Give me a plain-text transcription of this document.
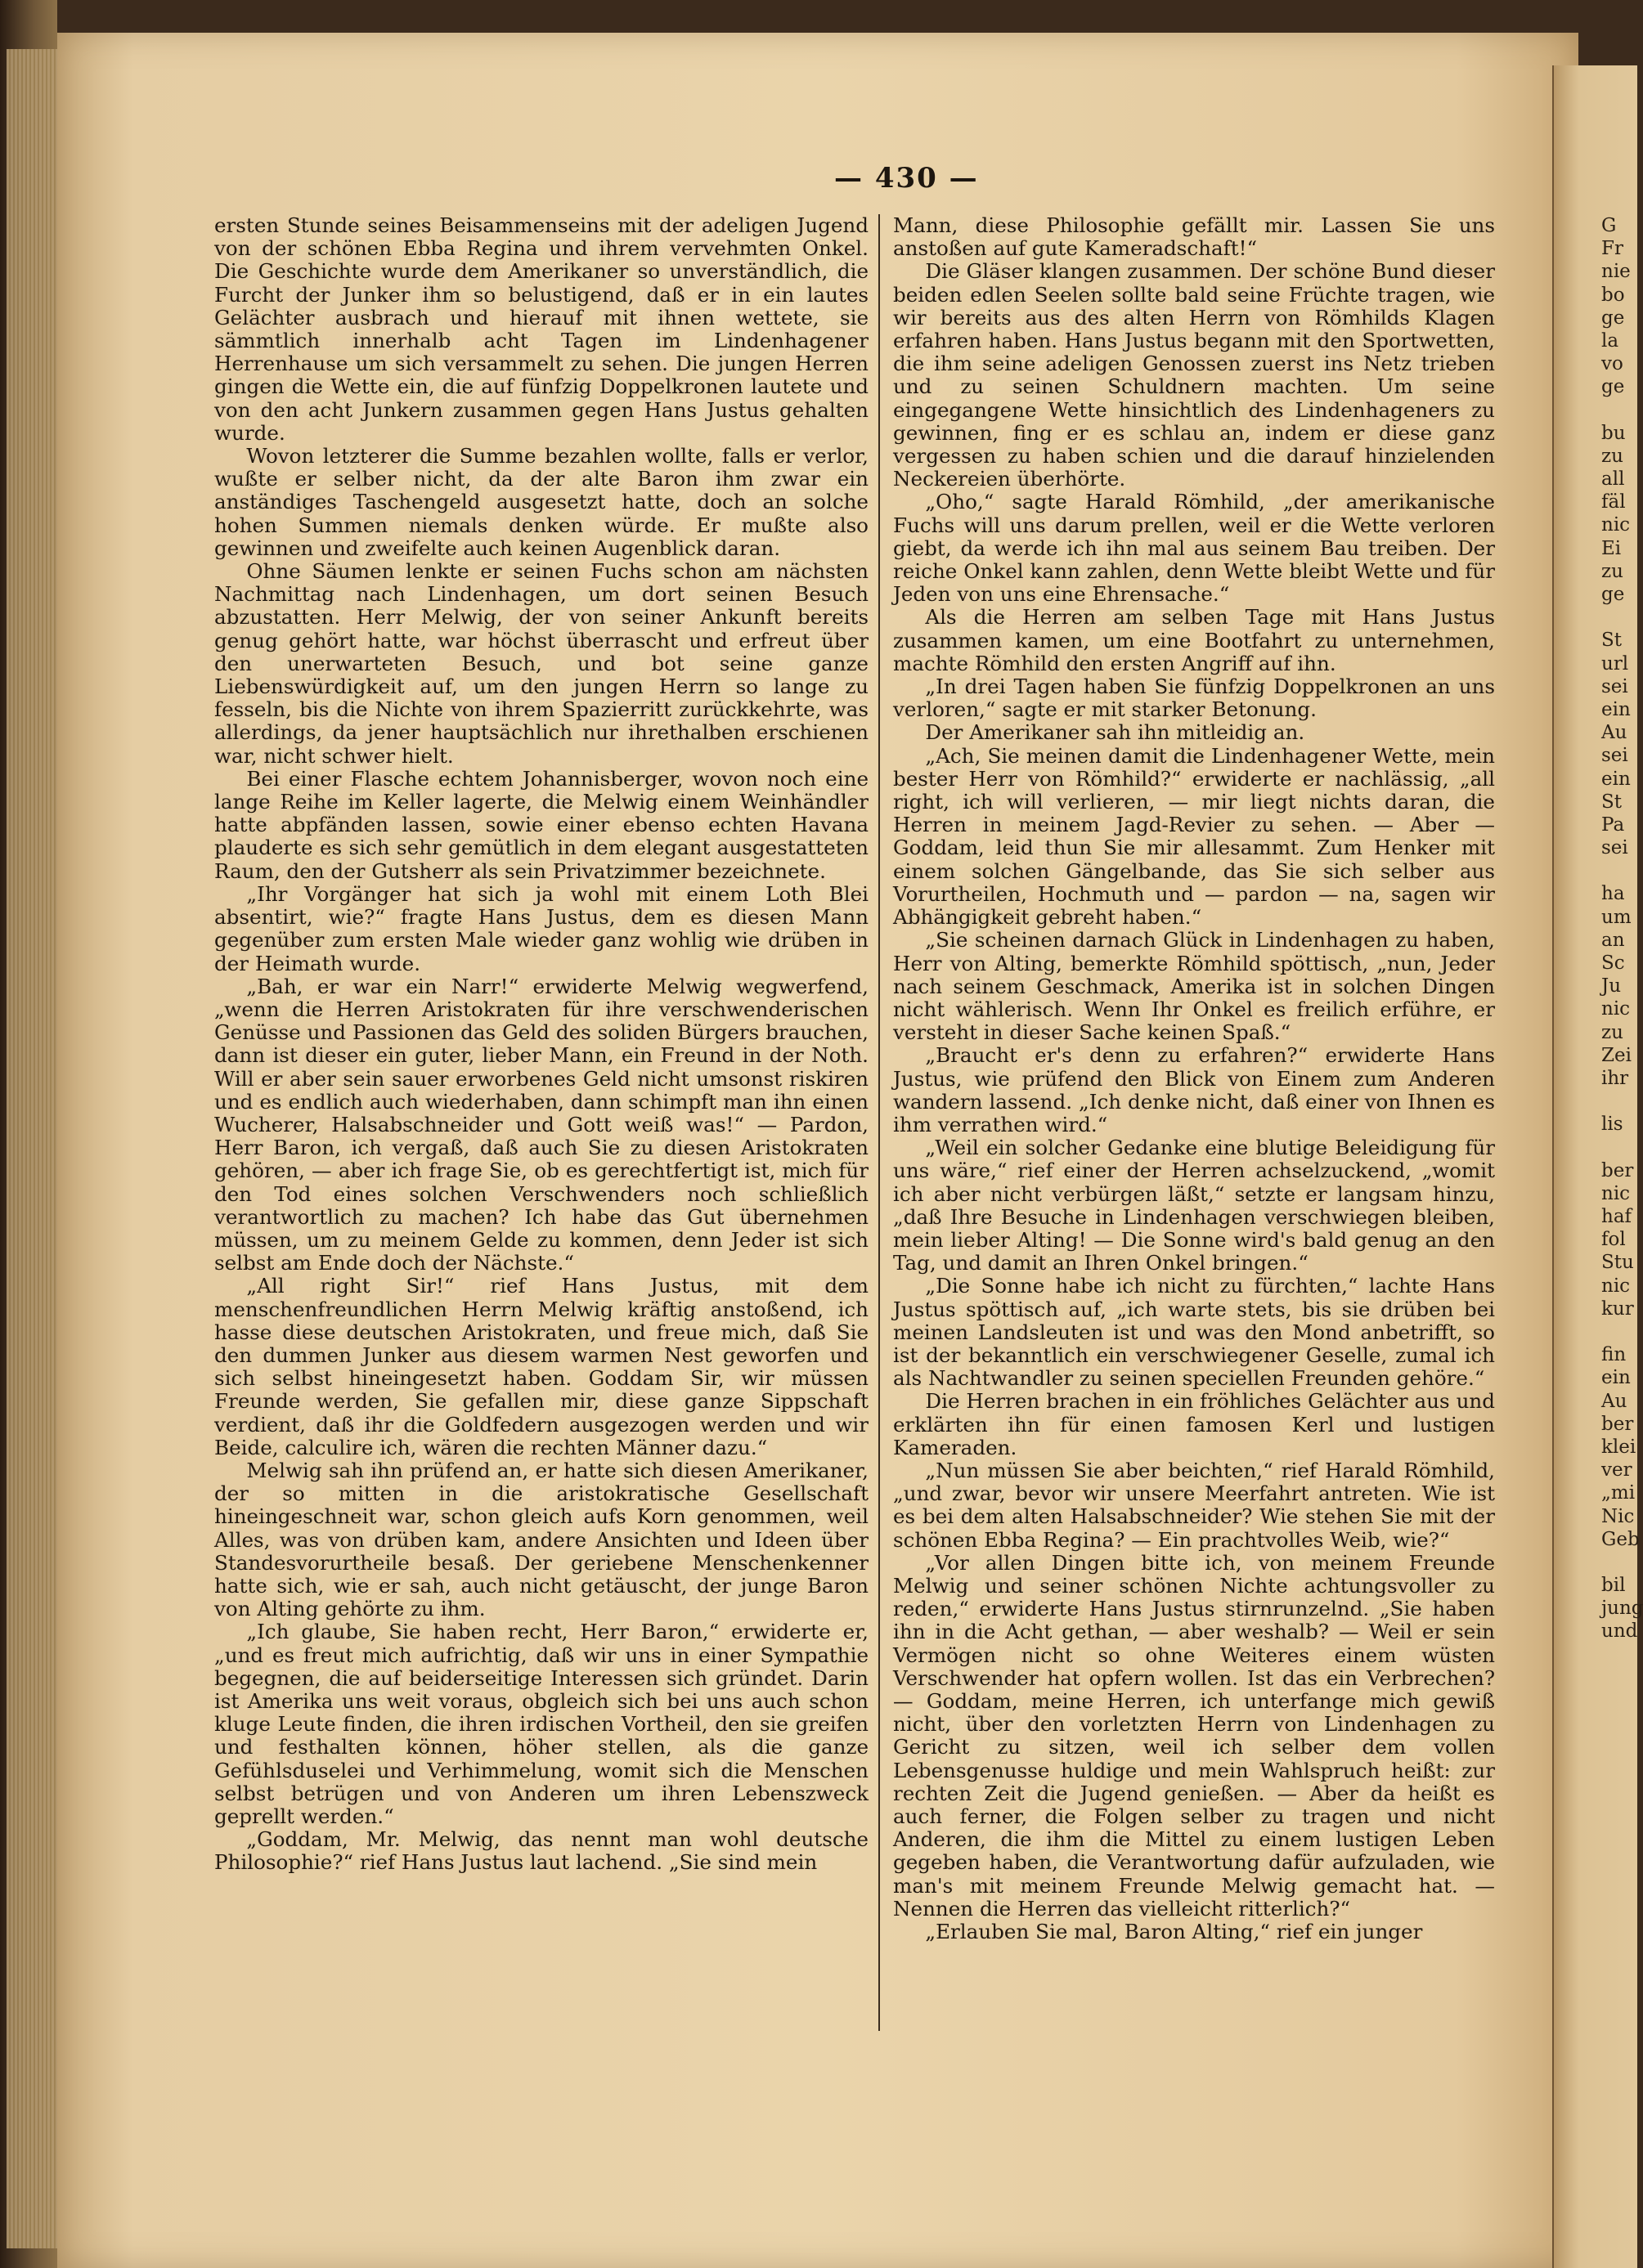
— 430 —

ersten Stunde seines Beisammenseins mit der adeligen Jugend von der schönen Ebba Regina und ihrem vervehmten Onkel. Die Geschichte wurde dem Amerikaner so unverständlich, die Furcht der Junker ihm so belustigend, daß er in ein lautes Gelächter ausbrach und hierauf mit ihnen wettete, sie sämmtlich innerhalb acht Tagen im Lindenhagener Herrenhause um sich versammelt zu sehen. Die jungen Herren gingen die Wette ein, die auf fünfzig Doppelkronen lautete und von den acht Junkern zusammen gegen Hans Justus gehalten wurde.

Wovon letzterer die Summe bezahlen wollte, falls er verlor, wußte er selber nicht, da der alte Baron ihm zwar ein anständiges Taschengeld ausgesetzt hatte, doch an solche hohen Summen niemals denken würde. Er mußte also gewinnen und zweifelte auch keinen Augenblick daran.

Ohne Säumen lenkte er seinen Fuchs schon am nächsten Nachmittag nach Lindenhagen, um dort seinen Besuch abzustatten. Herr Melwig, der von seiner Ankunft bereits genug gehört hatte, war höchst überrascht und erfreut über den unerwarteten Besuch, und bot seine ganze Liebenswürdigkeit auf, um den jungen Herrn so lange zu fesseln, bis die Nichte von ihrem Spazierritt zurückkehrte, was allerdings, da jener hauptsächlich nur ihrethalben erschienen war, nicht schwer hielt.

Bei einer Flasche echtem Johannisberger, wovon noch eine lange Reihe im Keller lagerte, die Melwig einem Weinhändler hatte abpfänden lassen, sowie einer ebenso echten Havana plauderte es sich sehr gemütlich in dem elegant ausgestatteten Raum, den der Gutsherr als sein Privatzimmer bezeichnete.

„Ihr Vorgänger hat sich ja wohl mit einem Loth Blei absentirt, wie?“ fragte Hans Justus, dem es diesen Mann gegenüber zum ersten Male wieder ganz wohlig wie drüben in der Heimath wurde.

„Bah, er war ein Narr!“ erwiderte Melwig wegwerfend, „wenn die Herren Aristokraten für ihre verschwenderischen Genüsse und Passionen das Geld des soliden Bürgers brauchen, dann ist dieser ein guter, lieber Mann, ein Freund in der Noth. Will er aber sein sauer erworbenes Geld nicht umsonst riskiren und es endlich auch wiederhaben, dann schimpft man ihn einen Wucherer, Halsabschneider und Gott weiß was!“ — Pardon, Herr Baron, ich vergaß, daß auch Sie zu diesen Aristokraten gehören, — aber ich frage Sie, ob es gerechtfertigt ist, mich für den Tod eines solchen Verschwenders noch schließlich verantwortlich zu machen? Ich habe das Gut übernehmen müssen, um zu meinem Gelde zu kommen, denn Jeder ist sich selbst am Ende doch der Nächste.“

„All right Sir!“ rief Hans Justus, mit dem menschenfreundlichen Herrn Melwig kräftig anstoßend, ich hasse diese deutschen Aristokraten, und freue mich, daß Sie den dummen Junker aus diesem warmen Nest geworfen und sich selbst hineingesetzt haben. Goddam Sir, wir müssen Freunde werden, Sie gefallen mir, diese ganze Sippschaft verdient, daß ihr die Goldfedern ausgezogen werden und wir Beide, calculire ich, wären die rechten Männer dazu.“

Melwig sah ihn prüfend an, er hatte sich diesen Amerikaner, der so mitten in die aristokratische Gesellschaft hineingeschneit war, schon gleich aufs Korn genommen, weil Alles, was von drüben kam, andere Ansichten und Ideen über Standesvorurtheile besaß. Der geriebene Menschenkenner hatte sich, wie er sah, auch nicht getäuscht, der junge Baron von Alting gehörte zu ihm.

„Ich glaube, Sie haben recht, Herr Baron,“ erwiderte er, „und es freut mich aufrichtig, daß wir uns in einer Sympathie begegnen, die auf beiderseitige Interessen sich gründet. Darin ist Amerika uns weit voraus, obgleich sich bei uns auch schon kluge Leute finden, die ihren irdischen Vortheil, den sie greifen und festhalten können, höher stellen, als die ganze Gefühlsduselei und Verhimmelung, womit sich die Menschen selbst betrügen und von Anderen um ihren Lebenszweck geprellt werden.“

„Goddam, Mr. Melwig, das nennt man wohl deutsche Philosophie?“ rief Hans Justus laut lachend. „Sie sind mein

Mann, diese Philosophie gefällt mir. Lassen Sie uns anstoßen auf gute Kameradschaft!“

Die Gläser klangen zusammen. Der schöne Bund dieser beiden edlen Seelen sollte bald seine Früchte tragen, wie wir bereits aus des alten Herrn von Römhilds Klagen erfahren haben. Hans Justus begann mit den Sportwetten, die ihm seine adeligen Genossen zuerst ins Netz trieben und zu seinen Schuldnern machten. Um seine eingegangene Wette hinsichtlich des Lindenhageners zu gewinnen, fing er es schlau an, indem er diese ganz vergessen zu haben schien und die darauf hinzielenden Neckereien überhörte.

„Oho,“ sagte Harald Römhild, „der amerikanische Fuchs will uns darum prellen, weil er die Wette verloren giebt, da werde ich ihn mal aus seinem Bau treiben. Der reiche Onkel kann zahlen, denn Wette bleibt Wette und für Jeden von uns eine Ehrensache.“

Als die Herren am selben Tage mit Hans Justus zusammen kamen, um eine Bootfahrt zu unternehmen, machte Römhild den ersten Angriff auf ihn.

„In drei Tagen haben Sie fünfzig Doppelkronen an uns verloren,“ sagte er mit starker Betonung.

Der Amerikaner sah ihn mitleidig an.

„Ach, Sie meinen damit die Lindenhagener Wette, mein bester Herr von Römhild?“ erwiderte er nachlässig, „all right, ich will verlieren, — mir liegt nichts daran, die Herren in meinem Jagd-Revier zu sehen. — Aber — Goddam, leid thun Sie mir allesammt. Zum Henker mit einem solchen Gängelbande, das Sie sich selber aus Vorurtheilen, Hochmuth und — pardon — na, sagen wir Abhängigkeit gebreht haben.“

„Sie scheinen darnach Glück in Lindenhagen zu haben, Herr von Alting, bemerkte Römhild spöttisch, „nun, Jeder nach seinem Geschmack, Amerika ist in solchen Dingen nicht wählerisch. Wenn Ihr Onkel es freilich erführe, er versteht in dieser Sache keinen Spaß.“

„Braucht er's denn zu erfahren?“ erwiderte Hans Justus, wie prüfend den Blick von Einem zum Anderen wandern lassend. „Ich denke nicht, daß einer von Ihnen es ihm verrathen wird.“

„Weil ein solcher Gedanke eine blutige Beleidigung für uns wäre,“ rief einer der Herren achselzuckend, „womit ich aber nicht verbürgen läßt,“ setzte er langsam hinzu, „daß Ihre Besuche in Lindenhagen verschwiegen bleiben, mein lieber Alting! — Die Sonne wird's bald genug an den Tag, und damit an Ihren Onkel bringen.“

„Die Sonne habe ich nicht zu fürchten,“ lachte Hans Justus spöttisch auf, „ich warte stets, bis sie drüben bei meinen Landsleuten ist und was den Mond anbetrifft, so ist der bekanntlich ein verschwiegener Geselle, zumal ich als Nachtwandler zu seinen speciellen Freunden gehöre.“

Die Herren brachen in ein fröhliches Gelächter aus und erklärten ihn für einen famosen Kerl und lustigen Kameraden.

„Nun müssen Sie aber beichten,“ rief Harald Römhild, „und zwar, bevor wir unsere Meerfahrt antreten. Wie ist es bei dem alten Halsabschneider? Wie stehen Sie mit der schönen Ebba Regina? — Ein prachtvolles Weib, wie?“

„Vor allen Dingen bitte ich, von meinem Freunde Melwig und seiner schönen Nichte achtungsvoller zu reden,“ erwiderte Hans Justus stirnrunzelnd. „Sie haben ihn in die Acht gethan, — aber weshalb? — Weil er sein Vermögen nicht so ohne Weiteres einem wüsten Verschwender hat opfern wollen. Ist das ein Verbrechen? — Goddam, meine Herren, ich unterfange mich gewiß nicht, über den vorletzten Herrn von Lindenhagen zu Gericht zu sitzen, weil ich selber dem vollen Lebensgenusse huldige und mein Wahlspruch heißt: zur rechten Zeit die Jugend genießen. — Aber da heißt es auch ferner, die Folgen selber zu tragen und nicht Anderen, die ihm die Mittel zu einem lustigen Leben gegeben haben, die Verantwortung dafür aufzuladen, wie man's mit meinem Freunde Melwig gemacht hat. — Nennen die Herren das vielleicht ritterlich?“

„Erlauben Sie mal, Baron Alting,“ rief ein junger

G
Fr
nie
bo
ge
la
vo
ge
bu
zu
all
fäl
nic
Ei
zu
ge
St
url
sei
ein
Au
sei
ein
St
Pa
sei
ha
um
an
Sc
Ju
nic
zu
Zei
ihr
lis
ber
nic
haf
fol
Stu
nic
kur
fin
ein
Au
ber
klei
ver
„mi
Nic
Geb
bil
jung
und
